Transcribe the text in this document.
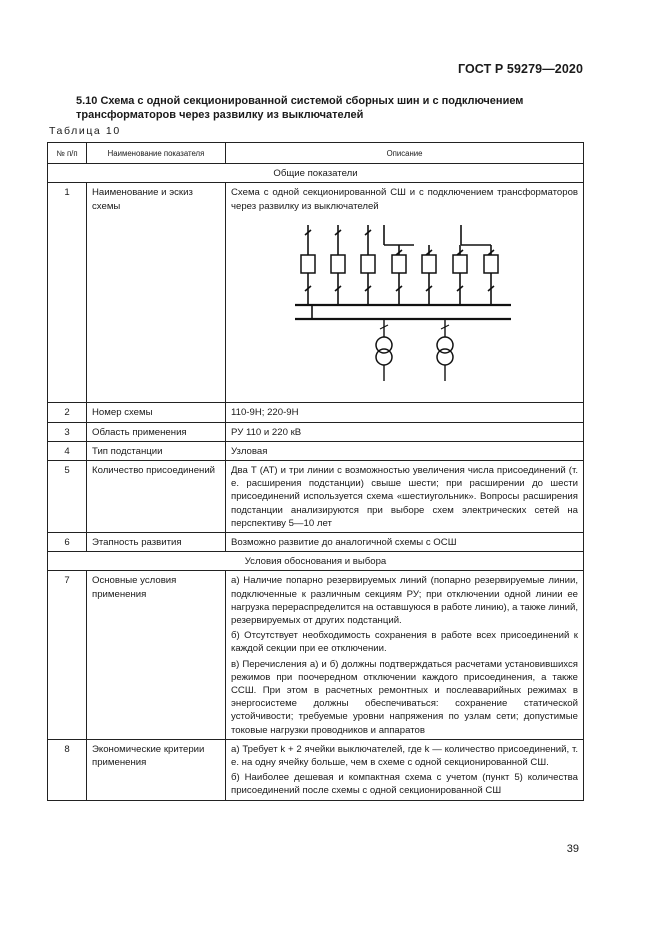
ГОСТ Р 59279—2020
5.10 Схема с одной секционированной системой сборных шин и с подключением трансформаторов через развилку из выключателей
Таблица 10
№ п/п	Наименование показателя	Описание
Общие показатели		
1	Наименование и эскиз схемы	Схема с одной секционированной СШ и с подключением трансформаторов через развилку из выключателей

2	Номер схемы	110-9Н; 220-9Н

3	Область применения	РУ 110 и 220 кВ

4	Тип подстанции	Узловая

5	Количество присоединений	Два Т (АТ) и три линии с возможностью увеличения числа присоединений (т. е. расширения подстанции) свыше шести; при расширении до шести присоединений используется схема «шестиугольник». Вопросы расширения подстанции анализируются при выборе схем электрических сетей на перспективу 5—10 лет

6	Этапность развития	Возможно развитие до аналогичной схемы с ОСШ

Условия обоснования и выбора		
7	Основные условия применения	а) Наличие попарно резервируемых линий (попарно резервируемые линии, подключенные к различным секциям РУ; при отключении одной линии ее нагрузка перераспределится на оставшуюся в работе линию), а также линий, резервируемых от других подстанций.

б) Отсутствует необходимость сохранения в работе всех присоединений к каждой секции при ее отключении.

в) Перечисления а) и б) должны подтверждаться расчетами установившихся режимов при поочередном отключении каждого присоединения, а также ССШ. При этом в расчетных ремонтных и послеаварийных режимах в энергосистеме должны обеспечиваться: сохранение статической устойчивости; требуемые уровни напряжения по узлам сети; допустимые токовые нагрузки проводников и аппаратов

8	Экономические критерии применения	а) Требует k + 2 ячейки выключателей, где k — количество присоединений, т. е. на одну ячейку больше, чем в схеме с одной секционированной СШ.

б) Наиболее дешевая и компактная схема с учетом (пункт 5) количества присоединений после схемы с одной секционированной СШ

39
